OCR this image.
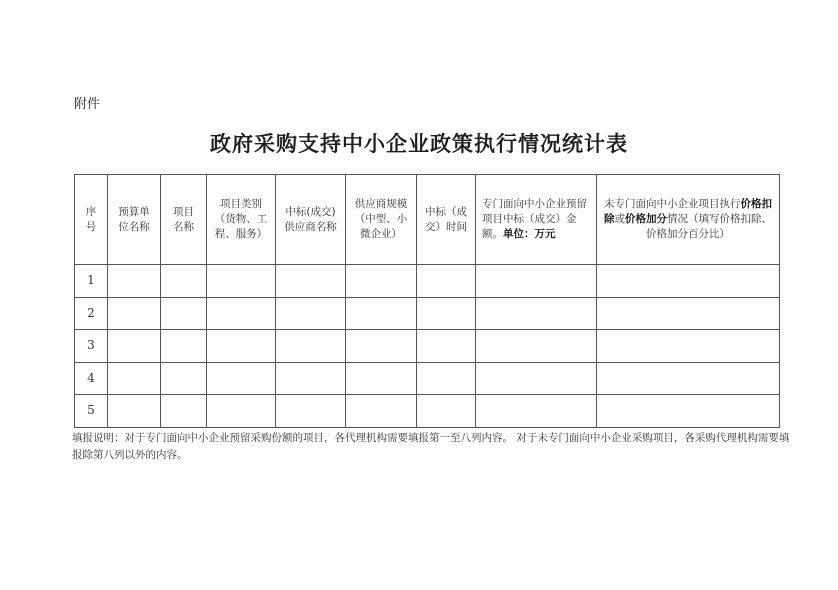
附件
政府采购支持中小企业政策执行情况统计表
序号	预算单位名称	项目名称	项目类别（货物、工程、服务）	中标(成交)供应商名称	供应商规模（中型、小微企业）	中标（成交）时间	专门面向中小企业预留项目中标（成交）金额。单位：万元	未专门面向中小企业项目执行价格扣除或价格加分情况（填写价格扣除、价格加分百分比）
1								
2								
3								
4								
5								
填报说明：对于专门面向中小企业预留采购份额的项目，各代理机构需要填报第一至八列内容。 对于未专门面向中小企业采购项目，各采购代理机构需要填报除第八列以外的内容。
